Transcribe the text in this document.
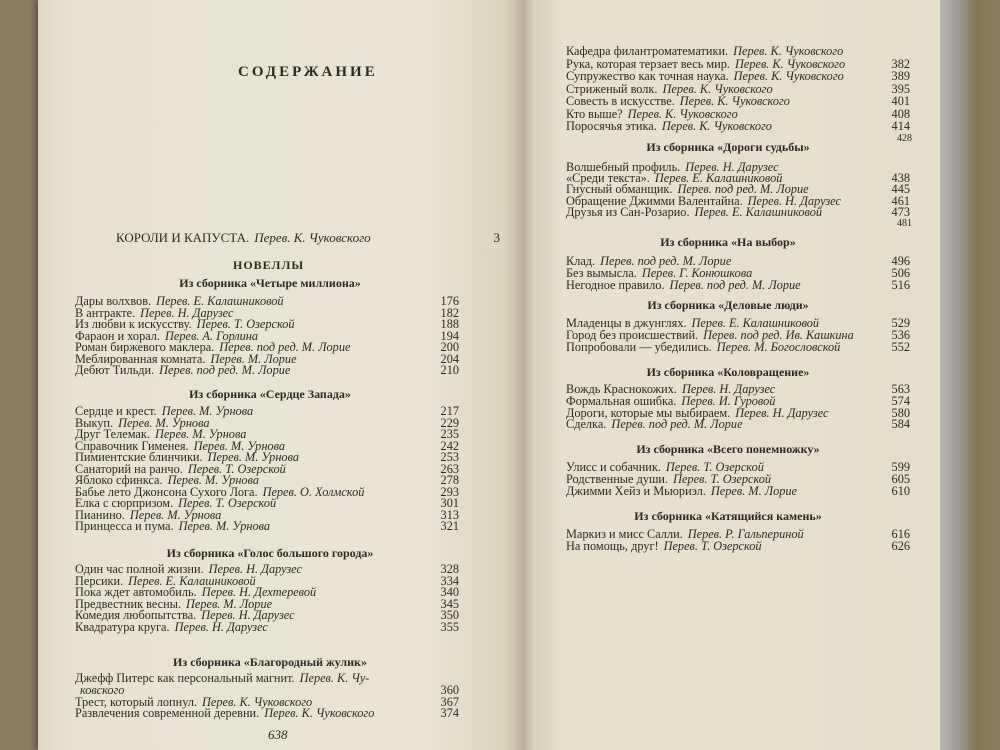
СОДЕРЖАНИЕ
КОРОЛИ И КАПУСТА. Перев. К. Чуковского	3
НОВЕЛЛЫ
Из сборника «Четыре миллиона»
Из сборника «Сердце Запада»
Из сборника «Голос большого города»
Из сборника «Благородный жулик»
Дары волхвов. Перев. Е. Калашниковой	176
В антракте. Перев. Н. Дарузес	182
Из любви к искусству. Перев. Т. Озерской	188
Фараон и хорал. Перев. А. Горлина	194
Роман биржевого маклера. Перев. под ред. М. Лорие	200
Меблированная комната. Перев. М. Лорие	204
Дебют Тильди. Перев. под ред. М. Лорие	210
Сердце и крест. Перев. М. Урнова	217
Выкуп. Перев. М. Урнова	229
Друг Телемак. Перев. М. Урнова	235
Справочник Гименея. Перев. М. Урнова	242
Пимиентские блинчики. Перев. М. Урнова	253
Санаторий на ранчо. Перев. Т. Озерской	263
Яблоко сфинкса. Перев. М. Урнова	278
Бабье лето Джонсона Сухого Лога. Перев. О. Холмской	293
Елка с сюрпризом. Перев. Т. Озерской	301
Пианино. Перев. М. Урнова	313
Принцесса и пума. Перев. М. Урнова	321
Один час полной жизни. Перев. Н. Дарузес	328
Персики. Перев. Е. Калашниковой	334
Пока ждет автомобиль. Перев. Н. Дехтеревой	340
Предвестник весны. Перев. М. Лорие	345
Комедия любопытства. Перев. Н. Дарузес	350
Квадратура круга. Перев. Н. Дарузес	355
Джефф Питерс как персональный магнит. Перев. К. Чу-
ковского	360
Трест, который лопнул. Перев. К. Чуковского	367
Развлечения современной деревни. Перев. К. Чуковского	374
638
Из сборника «Дороги судьбы»
Из сборника «На выбор»
Из сборника «Деловые люди»
Из сборника «Коловращение»
Из сборника «Всего понемножку»
Из сборника «Катящийся камень»
428
481
Кафедра филантроматематики. Перев. К. Чуковского
Рука, которая терзает весь мир. Перев. К. Чуковского	382
Супружество как точная наука. Перев. К. Чуковского	389
Стриженый волк. Перев. К. Чуковского	395
Совесть в искусстве. Перев. К. Чуковского	401
Кто выше? Перев. К. Чуковского	408
Поросячья этика. Перев. К. Чуковского	414
Волшебный профиль. Перев. Н. Дарузес
«Среди текста». Перев. Е. Калашниковой	438
Гнусный обманщик. Перев. под ред. М. Лорие	445
Обращение Джимми Валентайна. Перев. Н. Дарузес	461
Друзья из Сан-Розарио. Перев. Е. Калашниковой	473
Клад. Перев. под ред. М. Лорие	496
Без вымысла. Перев. Г. Конюшкова	506
Негодное правило. Перев. под ред. М. Лорие	516
Младенцы в джунглях. Перев. Е. Калашниковой	529
Город без происшествий. Перев. под ред. Ив. Кашкина	536
Попробовали — убедились. Перев. М. Богословской	552
Вождь Краснокожих. Перев. Н. Дарузес	563
Формальная ошибка. Перев. И. Гуровой	574
Дороги, которые мы выбираем. Перев. Н. Дарузес	580
Сделка. Перев. под ред. М. Лорие	584
Улисс и собачник. Перев. Т. Озерской	599
Родственные души. Перев. Т. Озерской	605
Джимми Хейз и Мьюриэл. Перев. М. Лорие	610
Маркиз и мисс Салли. Перев. Р. Гальпериной	616
На помощь, друг! Перев. Т. Озерской	626
